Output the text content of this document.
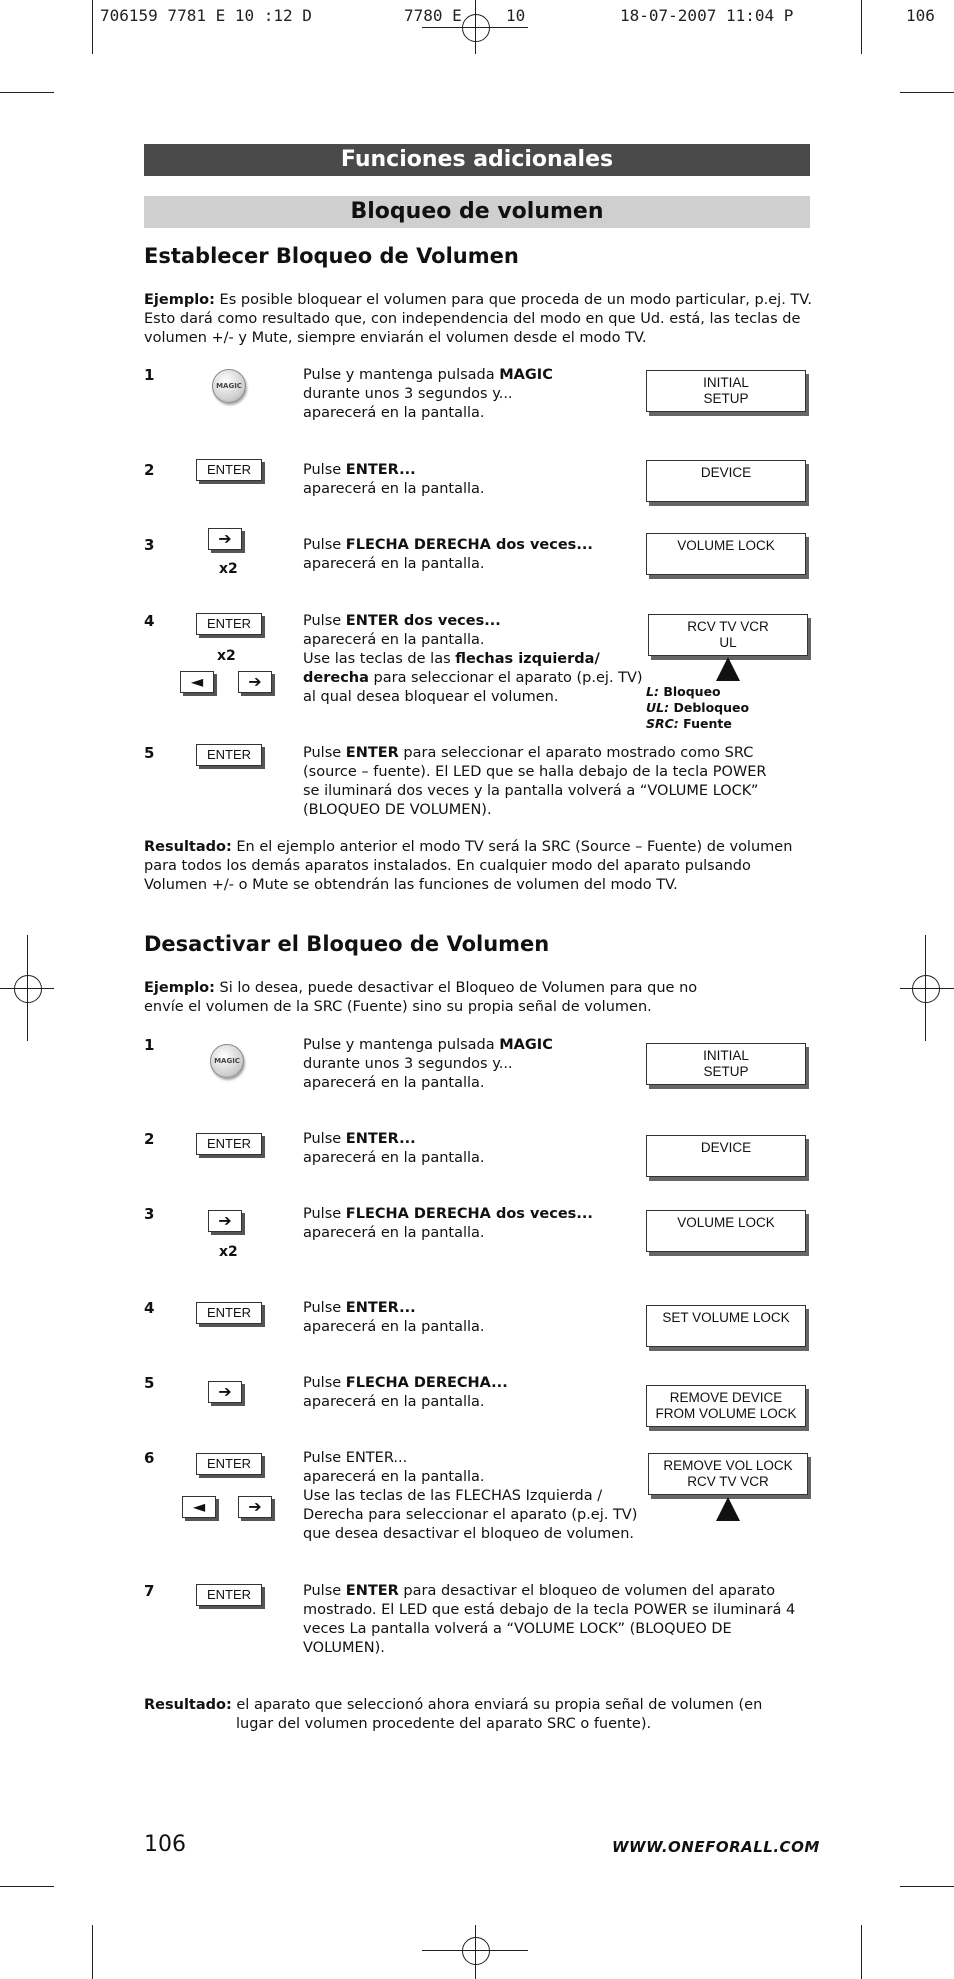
706159 7781 E 10 :12 D

	7780 E

	10

	18-07-2007 11:04 P

	106

Funciones adicionales
Bloqueo de volumen
Establecer Bloqueo de Volumen
Ejemplo: Es posible bloquear el volumen para que proceda de un modo particular, p.ej. TV. Esto dará como resultado que, con independencia del modo en que Ud. está, las teclas de volumen +/- y Mute, siempre enviarán el volumen desde el modo TV.
1
MAGIC
Pulse y mantenga pulsada MAGIC
durante unos 3 segundos y...
aparecerá en la pantalla.
INITIAL
SETUP
2	ENTER	Pulse ENTER...
aparecerá en la pantalla.
DEVICE
3	➔
x2
Pulse FLECHA DERECHA dos veces...
aparecerá en la pantalla.
VOLUME LOCK
4	ENTER
x2
◄	➔
Pulse ENTER dos veces...
aparecerá en la pantalla.
Use las teclas de las flechas izquierda/
derecha para seleccionar el aparato (p.ej. TV)
al qual desea bloquear el volumen.
RCV TV VCR
UL
L: Bloqueo
UL: Debloqueo
SRC: Fuente
5	ENTER	Pulse ENTER para seleccionar el aparato mostrado como SRC
(source – fuente). El LED que se halla debajo de la tecla POWER
se iluminará dos veces y la pantalla volverá a “VOLUME LOCK”
(BLOQUEO DE VOLUMEN).
Resultado: En el ejemplo anterior el modo TV será la SRC (Source – Fuente) de volumen para todos los demás aparatos instalados. En cualquier modo del aparato pulsando Volumen +/- o Mute se obtendrán las funciones de volumen del modo TV.
Desactivar el Bloqueo de Volumen
Ejemplo: Si lo desea, puede desactivar el Bloqueo de Volumen para que no
envíe el volumen de la SRC (Fuente) sino su propia señal de volumen.
1
MAGIC
Pulse y mantenga pulsada MAGIC
durante unos 3 segundos y...
aparecerá en la pantalla.
INITIAL
SETUP
2	ENTER	Pulse ENTER...
aparecerá en la pantalla.
DEVICE
3	➔
x2
Pulse FLECHA DERECHA dos veces...
aparecerá en la pantalla.
VOLUME LOCK
4	ENTER	Pulse ENTER...
aparecerá en la pantalla.
SET VOLUME LOCK
5	➔	Pulse FLECHA DERECHA...
aparecerá en la pantalla.	REMOVE DEVICE
FROM VOLUME LOCK
6	ENTER
◄	➔
Pulse ENTER...
aparecerá en la pantalla.
Use las teclas de las FLECHAS Izquierda /
Derecha para seleccionar el aparato (p.ej. TV)
que desea desactivar el bloqueo de volumen.
REMOVE VOL LOCK
RCV TV VCR
7	ENTER	Pulse ENTER para desactivar el bloqueo de volumen del aparato
mostrado. El LED que está debajo de la tecla POWER se iluminará 4
veces La pantalla volverá a “VOLUME LOCK” (BLOQUEO DE
VOLUMEN).
Resultado: el aparato que seleccionó ahora enviará su propia señal de volumen (en
lugar del volumen procedente del aparato SRC o fuente).
106	WWW.ONEFORALL.COM
